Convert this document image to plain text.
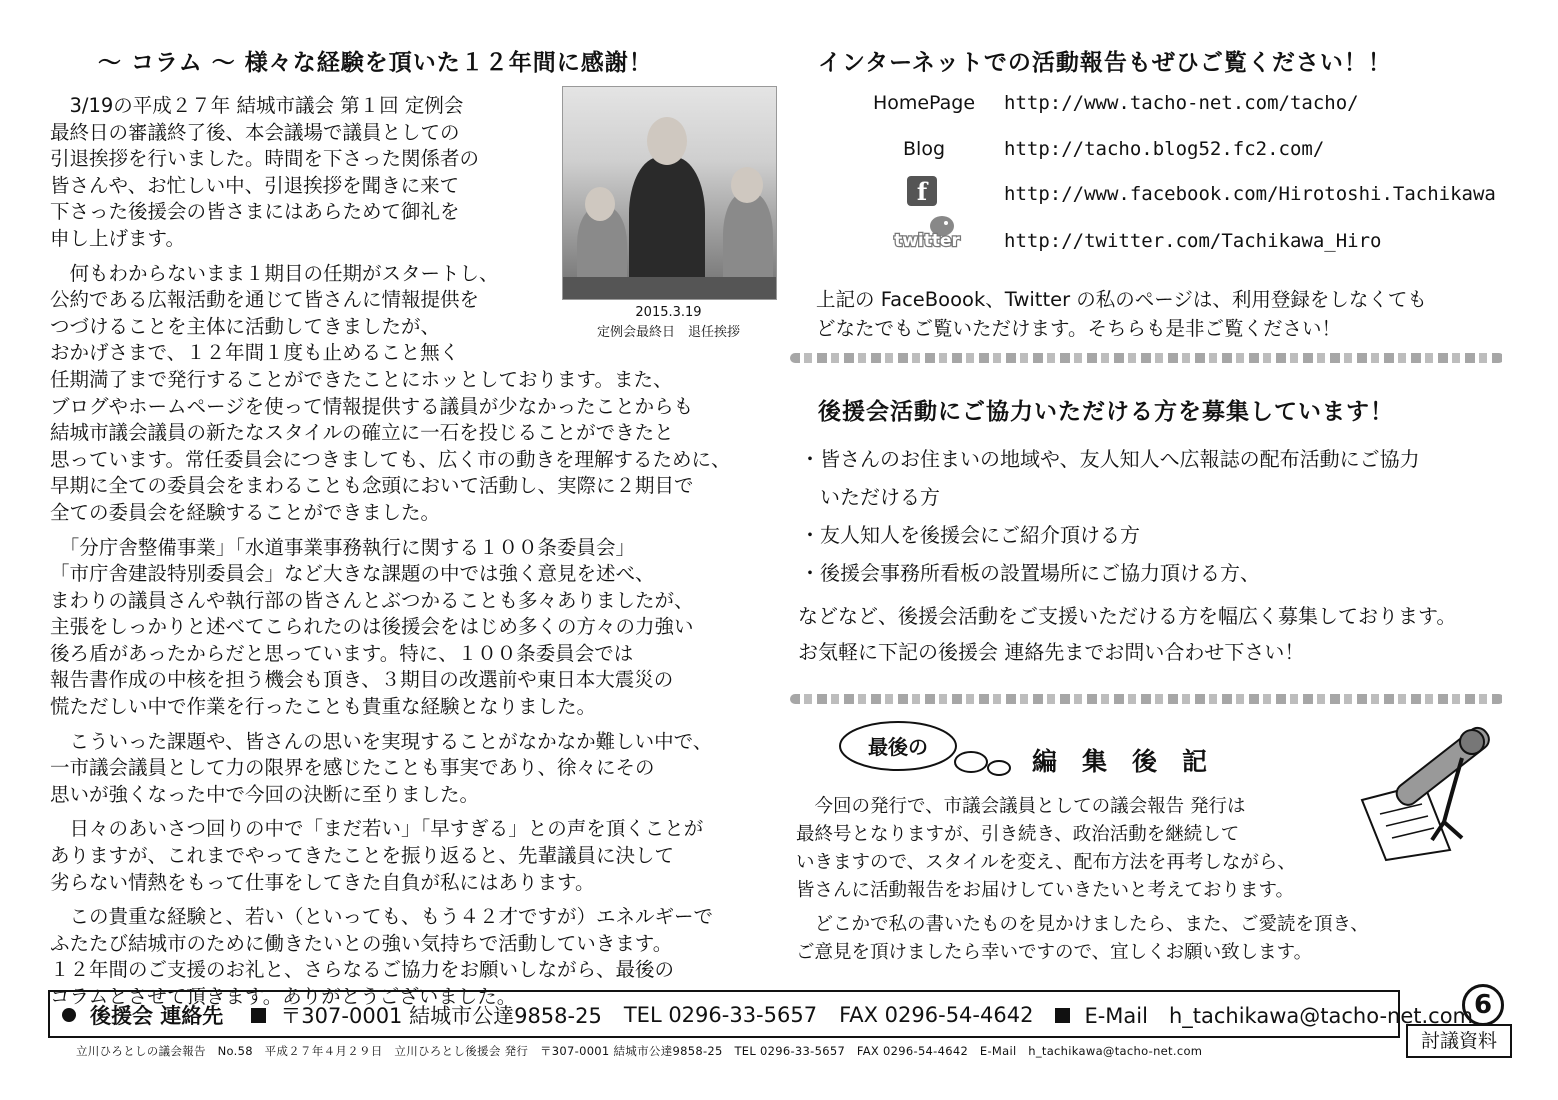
〜 コラム 〜 様々な経験を頂いた１２年間に感謝！
2015.3.19
定例会最終日　退任挨拶
　3/19の平成２７年 結城市議会 第１回 定例会
最終日の審議終了後、本会議場で議員としての
引退挨拶を行いました。時間を下さった関係者の
皆さんや、お忙しい中、引退挨拶を聞きに来て
下さった後援会の皆さまにはあらためて御礼を
申し上げます。
　何もわからないまま１期目の任期がスタートし、
公約である広報活動を通じて皆さんに情報提供を
つづけることを主体に活動してきましたが、
おかげさまで、１２年間１度も止めること無く
任期満了まで発行することができたことにホッとしております。また、
ブログやホームページを使って情報提供する議員が少なかったことからも
結城市議会議員の新たなスタイルの確立に一石を投じることができたと
思っています。常任委員会につきましても、広く市の動きを理解するために、
早期に全ての委員会をまわることも念頭において活動し、実際に２期目で
全ての委員会を経験することができました。
　「分庁舎整備事業」「水道事業事務執行に関する１００条委員会」
「市庁舎建設特別委員会」など大きな課題の中では強く意見を述べ、
まわりの議員さんや執行部の皆さんとぶつかることも多々ありましたが、
主張をしっかりと述べてこられたのは後援会をはじめ多くの方々の力強い
後ろ盾があったからだと思っています。特に、１００条委員会では
報告書作成の中核を担う機会も頂き、３期目の改選前や東日本大震災の
慌ただしい中で作業を行ったことも貴重な経験となりました。
　こういった課題や、皆さんの思いを実現することがなかなか難しい中で、
一市議会議員として力の限界を感じたことも事実であり、徐々にその
思いが強くなった中で今回の決断に至りました。
　日々のあいさつ回りの中で「まだ若い」「早すぎる」との声を頂くことが
ありますが、これまでやってきたことを振り返ると、先輩議員に決して
劣らない情熱をもって仕事をしてきた自負が私にはあります。
　この貴重な経験と、若い（といっても、もう４２才ですが）エネルギーで
ふたたび結城市のために働きたいとの強い気持ちで活動していきます。
１２年間のご支援のお礼と、さらなるご協力をお願いしながら、最後の
コラムとさせて頂きます。ありがとうございました。
インターネットでの活動報告もぜひご覧ください！！
HomePage	http://www.tacho-net.com/tacho/
Blog	http://tacho.blog52.fc2.com/
f	http://www.facebook.com/Hirotoshi.Tachikawa
twitter http://twitter.com/Tachikawa_Hiro
上記の FaceBoook、Twitter の私のページは、利用登録をしなくても
どなたでもご覧いただけます。そちらも是非ご覧ください！
後援会活動にご協力いただける方を募集しています！
・皆さんのお住まいの地域や、友人知人へ広報誌の配布活動にご協力
　いただける方
・友人知人を後援会にご紹介頂ける方
・後援会事務所看板の設置場所にご協力頂ける方、
などなど、後援会活動をご支援いただける方を幅広く募集しております。
お気軽に下記の後援会 連絡先までお問い合わせ下さい！
最後の	編　集　後　記
　今回の発行で、市議会議員としての議会報告 発行は
最終号となりますが、引き続き、政治活動を継続して
いきますので、スタイルを変え、配布方法を再考しながら、
皆さんに活動報告をお届けしていきたいと考えております。
　どこかで私の書いたものを見かけましたら、また、ご愛読を頂き、
ご意見を頂けましたら幸いですので、宜しくお願い致します。
後援会 連絡先	〒307-0001 結城市公達9858-25 TEL 0296-33-5657 FAX 0296-54-4642 E-Mail　h_tachikawa@tacho-net.com 6
討議資料
立川ひろとしの議会報告　No.58　平成２７年４月２９日　立川ひろとし後援会 発行　〒307-0001 結城市公達9858-25　TEL 0296-33-5657　FAX 0296-54-4642　E-Mail　h_tachikawa@tacho-net.com
